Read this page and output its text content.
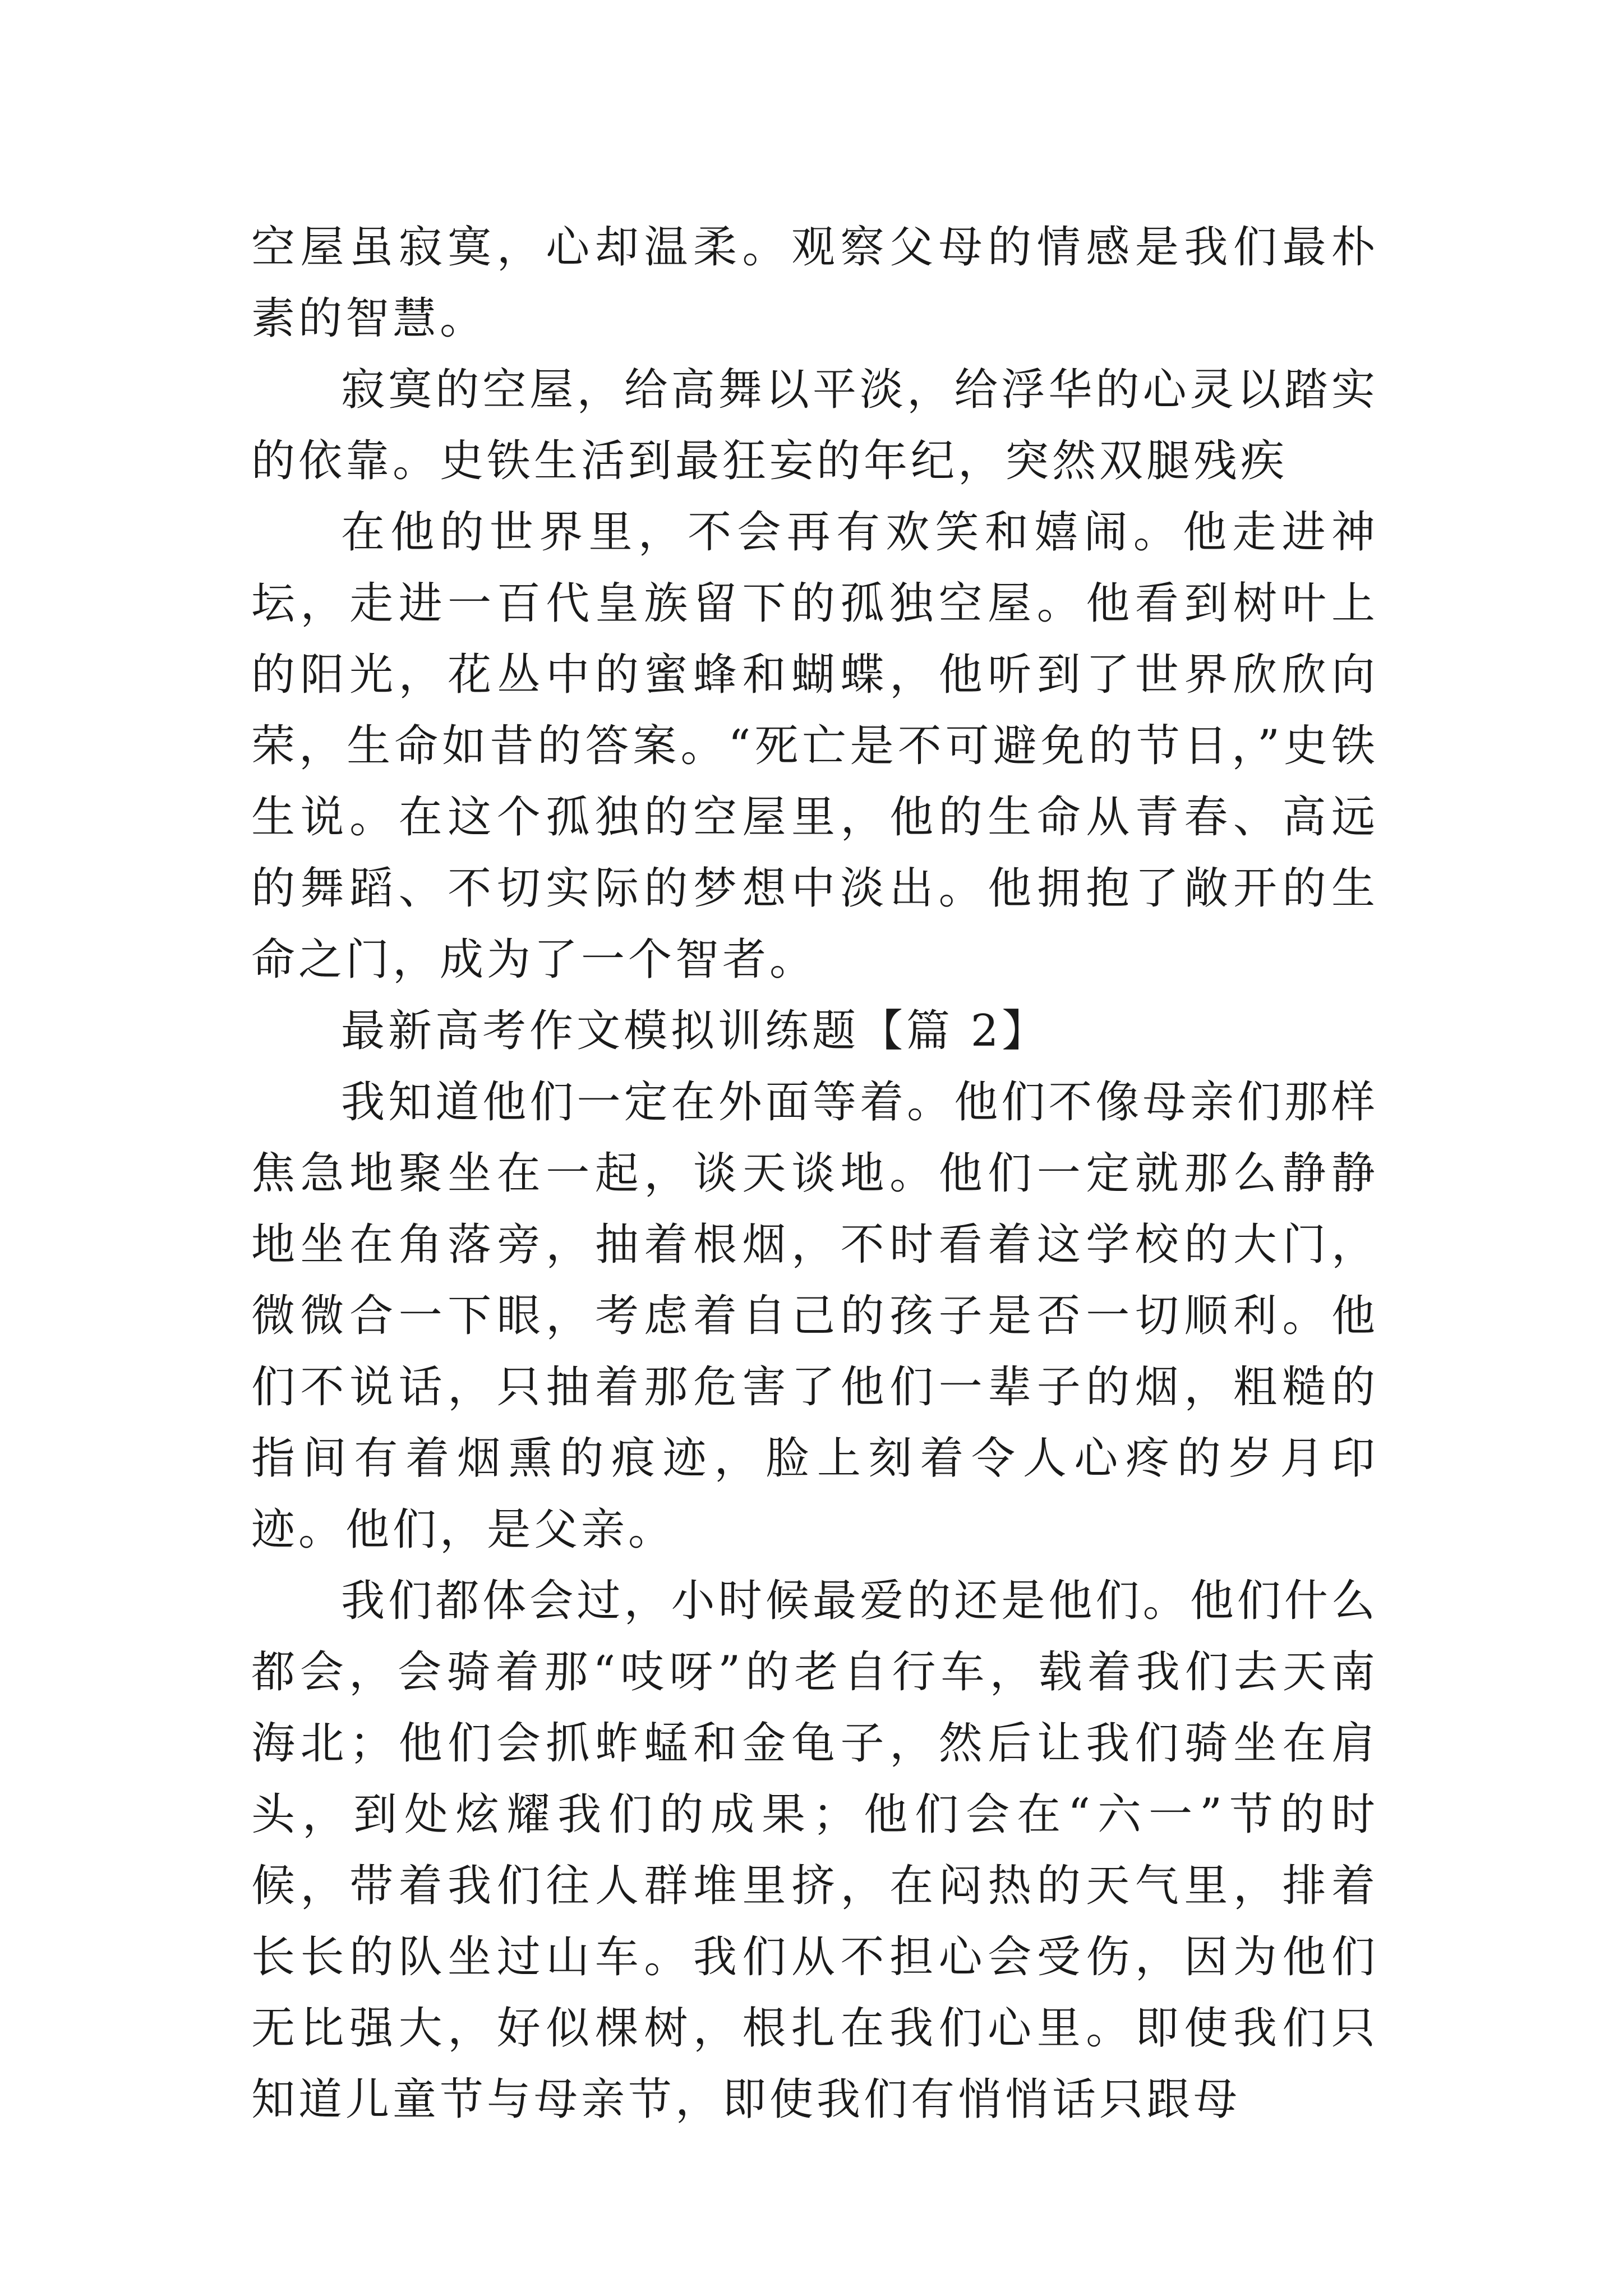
空屋虽寂寞，心却温柔。观察父母的情感是我们最朴素的智慧。

寂寞的空屋，给高舞以平淡，给浮华的心灵以踏实的依靠。史铁生活到最狂妄的年纪，突然双腿残疾

在他的世界里，不会再有欢笑和嬉闹。他走进神坛，走进一百代皇族留下的孤独空屋。他看到树叶上的阳光，花丛中的蜜蜂和蝴蝶，他听到了世界欣欣向荣，生命如昔的答案。“死亡是不可避免的节日，”史铁生说。在这个孤独的空屋里，他的生命从青春、高远的舞蹈、不切实际的梦想中淡出。他拥抱了敞开的生命之门，成为了一个智者。

最新高考作文模拟训练题【篇 2】

我知道他们一定在外面等着。他们不像母亲们那样焦急地聚坐在一起，谈天谈地。他们一定就那么静静地坐在角落旁，抽着根烟，不时看着这学校的大门，微微合一下眼，考虑着自己的孩子是否一切顺利。他们不说话，只抽着那危害了他们一辈子的烟，粗糙的指间有着烟熏的痕迹，脸上刻着令人心疼的岁月印迹。他们，是父亲。

我们都体会过，小时候最爱的还是他们。他们什么都会，会骑着那“吱呀”的老自行车，载着我们去天南海北；他们会抓蚱蜢和金龟子，然后让我们骑坐在肩头，到处炫耀我们的成果；他们会在“六一”节的时候，带着我们往人群堆里挤，在闷热的天气里，排着长长的队坐过山车。我们从不担心会受伤，因为他们无比强大，好似棵树，根扎在我们心里。即使我们只知道儿童节与母亲节，即使我们有悄悄话只跟母
